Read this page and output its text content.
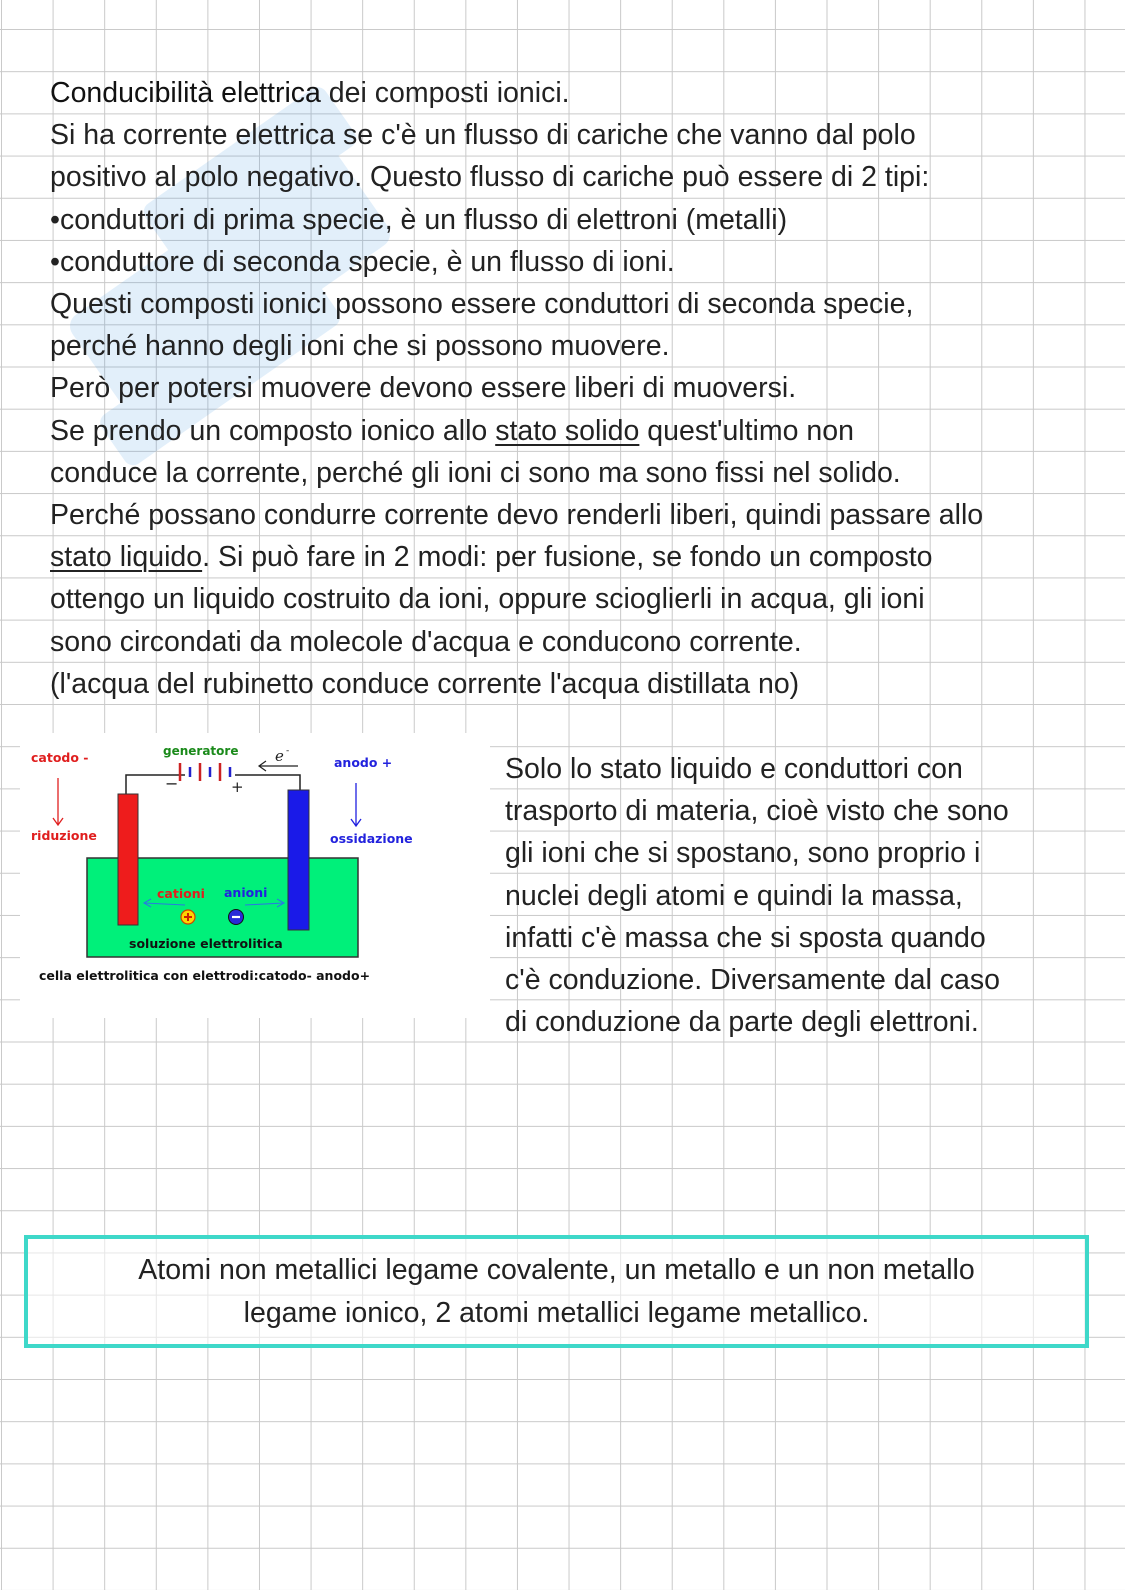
Conducibilità elettrica dei composti ionici.
Si ha corrente elettrica se c'è un flusso di cariche che vanno dal polo
positivo al polo negativo. Questo flusso di cariche può essere di 2 tipi:
•conduttori di prima specie, è un flusso di elettroni (metalli)
•conduttore di seconda specie, è un flusso di ioni.
Questi composti ionici possono essere conduttori di seconda specie,
perché hanno degli ioni che si possono muovere.
Però per potersi muovere devono essere liberi di muoversi.
Se prendo un composto ionico allo stato solido quest'ultimo non
conduce la corrente, perché gli ioni ci sono ma sono fissi nel solido.
Perché possano condurre corrente devo renderli liberi, quindi passare allo
stato liquido. Si può fare in 2 modi: per fusione, se fondo un composto
ottengo un liquido costruito da ioni, oppure scioglierli in acqua, gli ioni
sono circondati da molecole d'acqua e conducono corrente.
(l'acqua del rubinetto conduce corrente l'acqua distillata no)
−	+
e -
catodo -
riduzione
generatore
anodo +
ossidazione
cationi anioni
soluzione elettrolitica
cella elettrolitica con elettrodi:catodo- anodo+
Solo lo stato liquido e conduttori con
trasporto di materia, cioè visto che sono
gli ioni che si spostano, sono proprio i
nuclei degli atomi e quindi la massa,
infatti c'è massa che si sposta quando
c'è conduzione. Diversamente dal caso
di conduzione da parte degli elettroni.
Atomi non metallici legame covalente, un metallo e un non metallo
legame ionico, 2 atomi metallici legame metallico.
